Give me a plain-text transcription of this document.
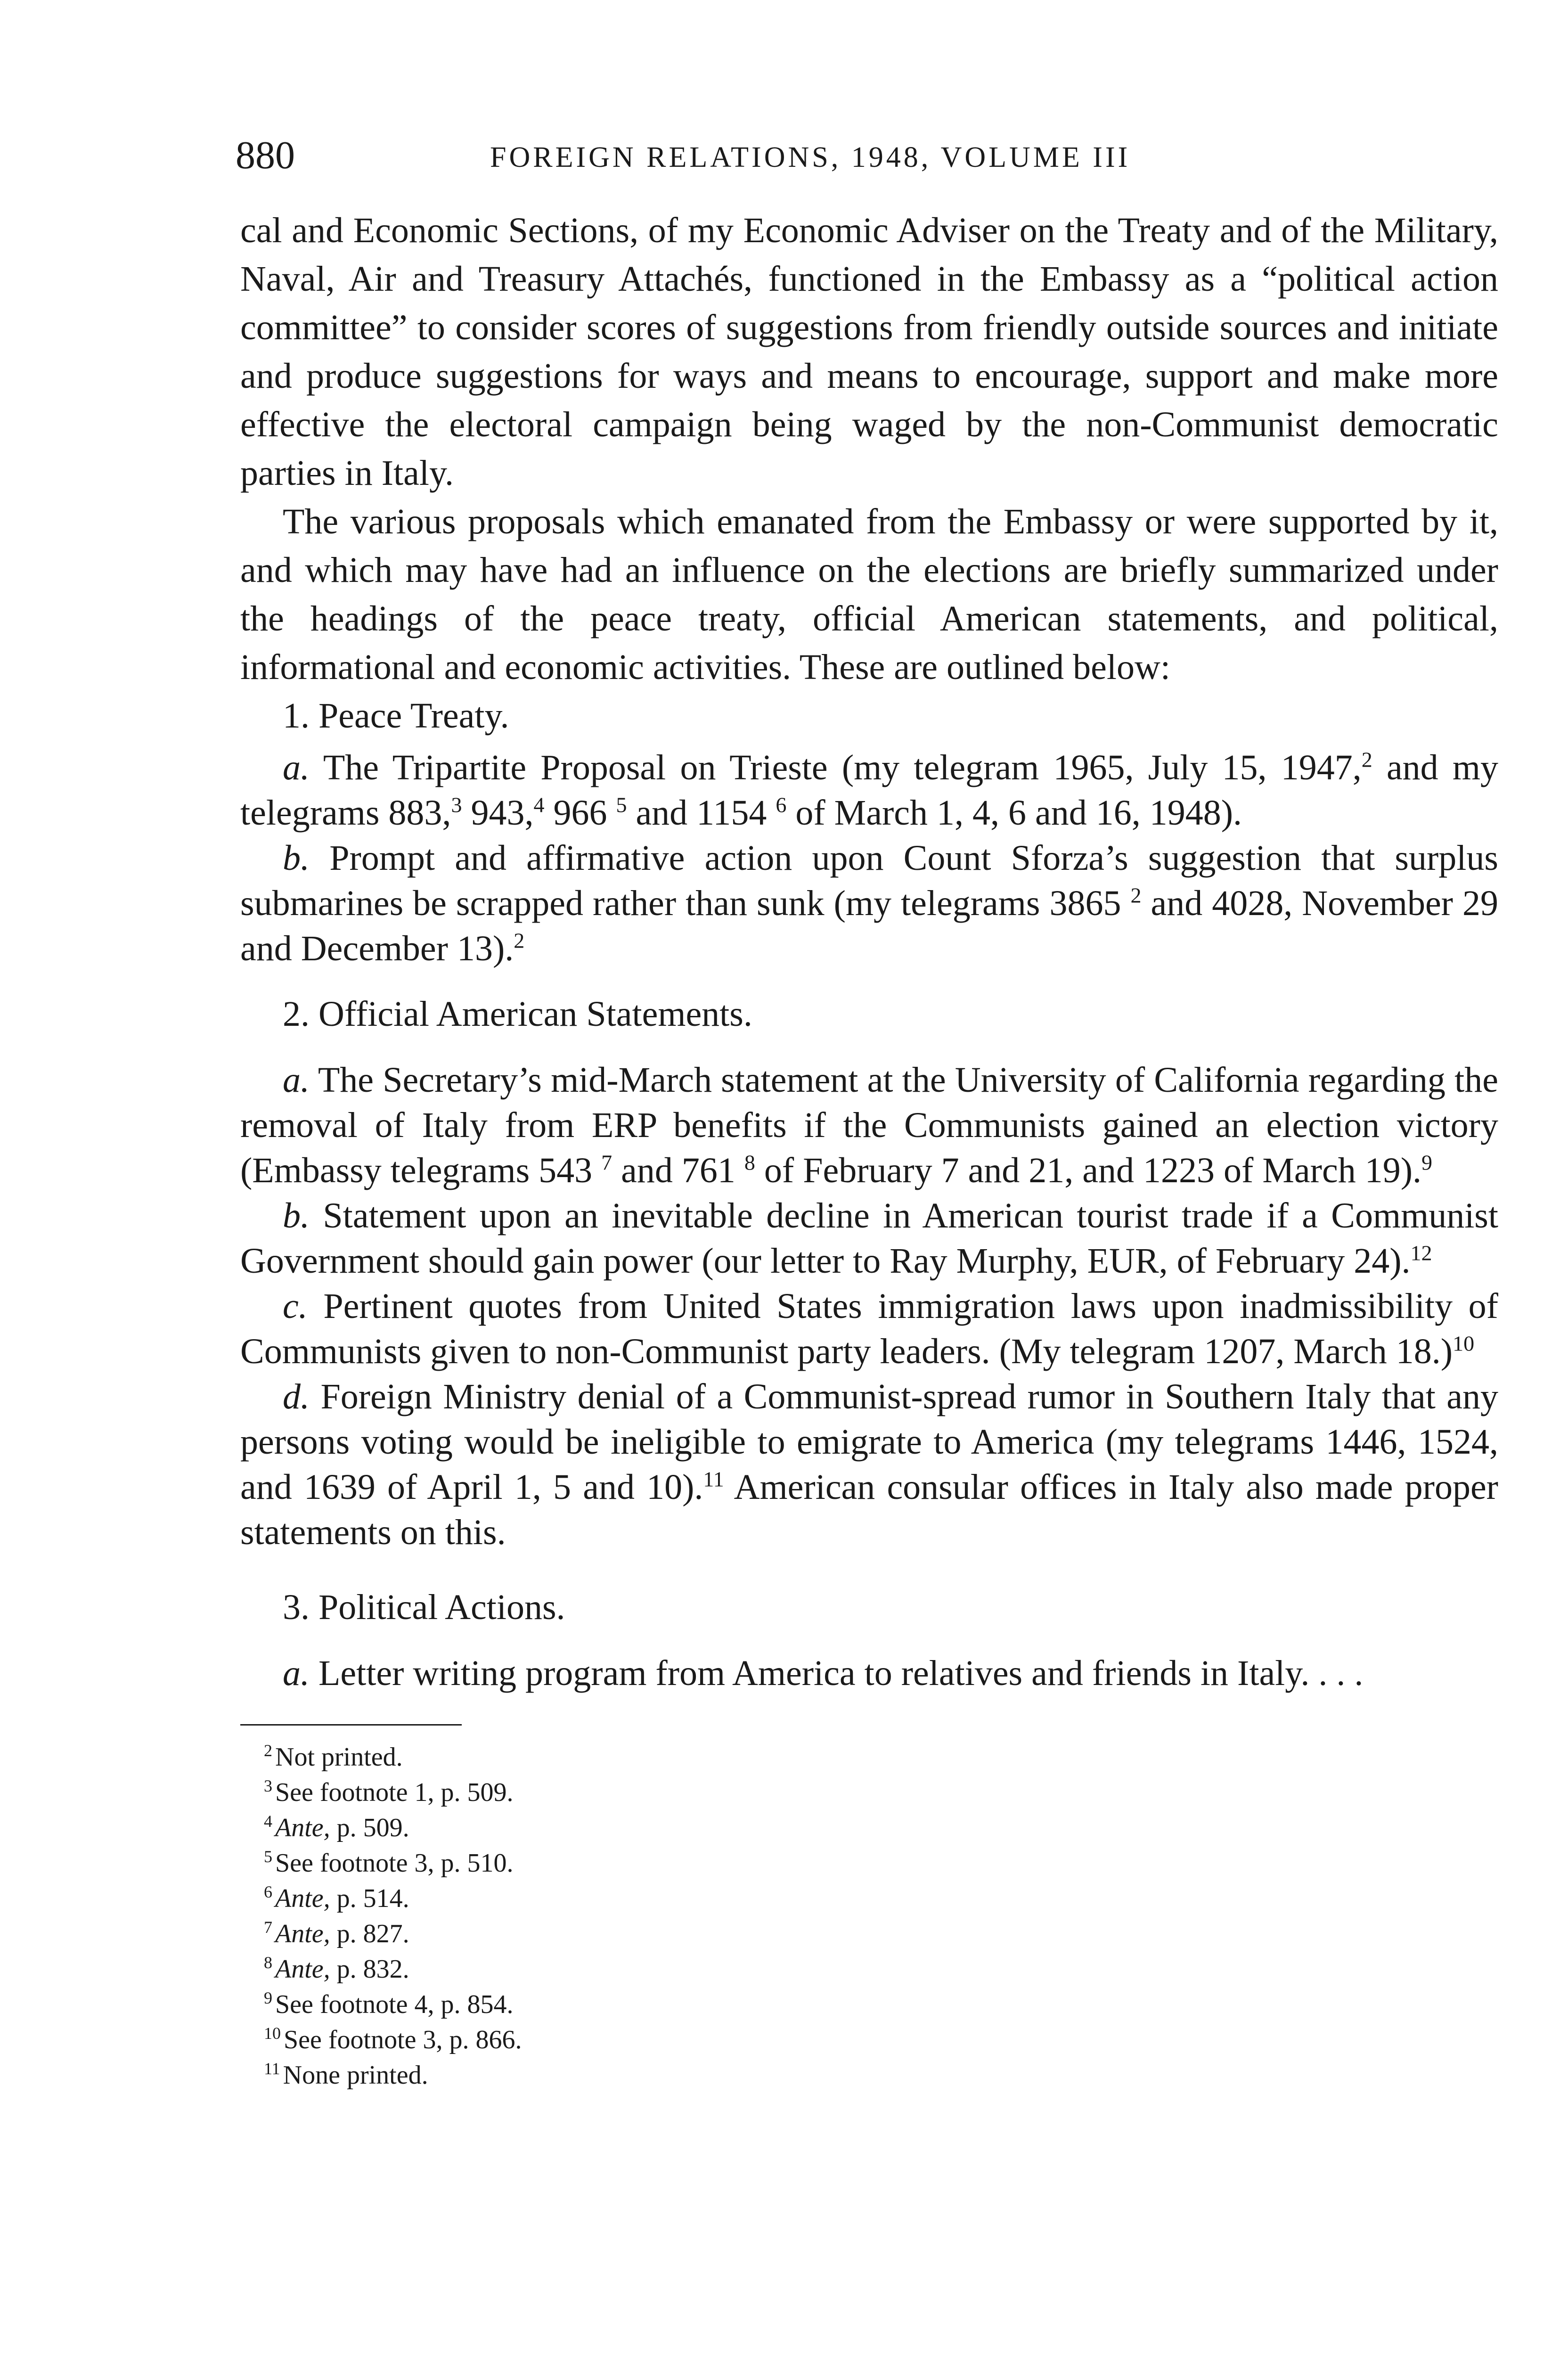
880	FOREIGN RELATIONS, 1948, VOLUME III

cal and Economic Sections, of my Economic Adviser on the Treaty and of the Military, Naval, Air and Treasury Attachés, functioned in the Embassy as a “political action committee” to consider scores of suggestions from friendly outside sources and initiate and produce suggestions for ways and means to encourage, support and make more effective the electoral campaign being waged by the non-Communist democratic parties in Italy.

The various proposals which emanated from the Embassy or were supported by it, and which may have had an influence on the elections are briefly summarized under the headings of the peace treaty, official American statements, and political, informational and economic activities. These are outlined below:

1. Peace Treaty.

a. The Tripartite Proposal on Trieste (my telegram 1965, July 15, 1947,$^2$ and my telegrams 883,$^3$ 943,$^4$ 966 $^5$ and 1154 $^6$ of March 1, 4, 6 and 16, 1948).

b. Prompt and affirmative action upon Count Sforza’s suggestion that surplus submarines be scrapped rather than sunk (my telegrams 3865 $^2$ and 4028, November 29 and December 13).$^2$

2. Official American Statements.

a. The Secretary’s mid-March statement at the University of California regarding the removal of Italy from ERP benefits if the Communists gained an election victory (Embassy telegrams 543 $^7$ and 761 $^8$ of February 7 and 21, and 1223 of March 19).$^9$

b. Statement upon an inevitable decline in American tourist trade if a Communist Government should gain power (our letter to Ray Murphy, EUR, of February 24).$^{12}$

c. Pertinent quotes from United States immigration laws upon inadmissibility of Communists given to non-Communist party leaders. (My telegram 1207, March 18.)$^{10}$

d. Foreign Ministry denial of a Communist-spread rumor in Southern Italy that any persons voting would be ineligible to emigrate to America (my telegrams 1446, 1524, and 1639 of April 1, 5 and 10).$^{11}$ American consular offices in Italy also made proper statements on this.

3. Political Actions.

a. Letter writing program from America to relatives and friends in Italy. . . .

$^2$ Not printed.
$^3$ See footnote 1, p. 509.
$^4$ Ante, p. 509.
$^5$ See footnote 3, p. 510.
$^6$ Ante, p. 514.
$^7$ Ante, p. 827.
$^8$ Ante, p. 832.
$^9$ See footnote 4, p. 854.
$^{10}$ See footnote 3, p. 866.
$^{11}$ None printed.
